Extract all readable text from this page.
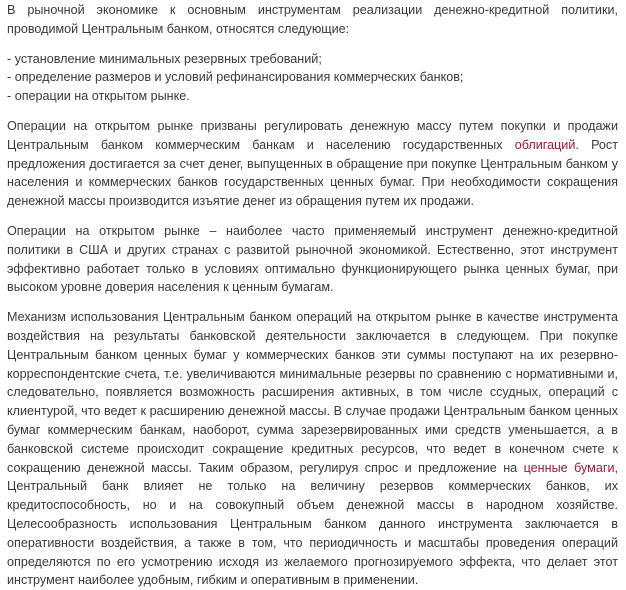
В рыночной экономике к основным инструментам реализации денежно-кредитной политики, проводимой Центральным банком, относятся следующие:

- установление минимальных резервных требований;
- определение размеров и условий рефинансирования коммерческих банков;
- операции на открытом рынке.

Операции на открытом рынке призваны регулировать денежную массу путем покупки и продажи Центральным банком коммерческим банкам и населению государственных облигаций. Рост предложения достигается за счет денег, выпущенных в обращение при покупке Центральным банком у населения и коммерческих банков государственных ценных бумаг. При необходимости сокращения денежной массы производится изъятие денег из обращения путем их продажи.

Операции на открытом рынке – наиболее часто применяемый инструмент денежно-кредитной политики в США и других странах с развитой рыночной экономикой. Естественно, этот инструмент эффективно работает только в условиях оптимально функционирующего рынка ценных бумаг, при высоком уровне доверия населения к ценным бумагам.

Механизм использования Центральным банком операций на открытом рынке в качестве инструмента воздействия на результаты банковской деятельности заключается в следующем. При покупке Центральным банком ценных бумаг у коммерческих банков эти суммы поступают на их резервно-корреспондентские счета, т.е. увеличиваются минимальные резервы по сравнению с нормативными и, следовательно, появляется возможность расширения активных, в том числе ссудных, операций с клиентурой, что ведет к расширению денежной массы. В случае продажи Центральным банком ценных бумаг коммерческим банкам, наоборот, сумма зарезервированных ими средств уменьшается, а в банковской системе происходит сокращение кредитных ресурсов, что ведет в конечном счете к сокращению денежной массы. Таким образом, регулируя спрос и предложение на ценные бумаги, Центральный банк влияет не только на величину резервов коммерческих банков, их кредитоспособность, но и на совокупный объем денежной массы в народном хозяйстве. Целесообразность использования Центральным банком данного инструмента заключается в оперативности воздействия, а также в том, что периодичность и масштабы проведения операций определяются по его усмотрению исходя из желаемого прогнозируемого эффекта, что делает этот инструмент наиболее удобным, гибким и оперативным в применении.
